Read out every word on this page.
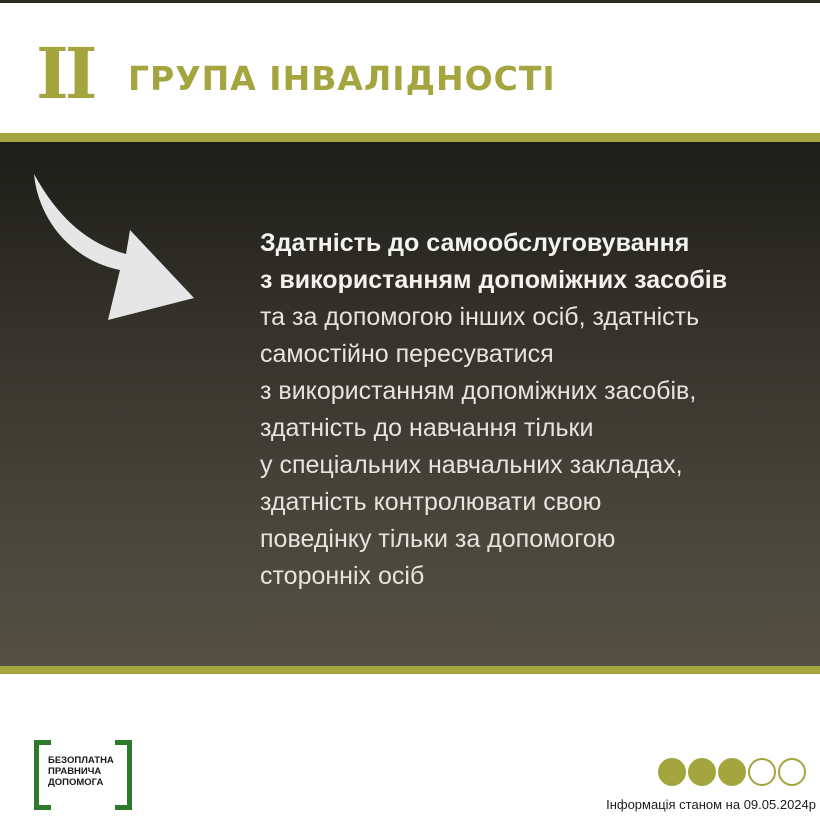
II ГРУПА ІНВАЛІДНОСТІ
Здатність до самообслуговування
з використанням допоміжних засобів
та за допомогою інших осіб, здатність
самостійно пересуватися
з використанням допоміжних засобів,
здатність до навчання тільки
у спеціальних навчальних закладах,
здатність контролювати свою
поведінку тільки за допомогою
сторонніх осіб
БЕЗОПЛАТНА
ПРАВНИЧА
ДОПОМОГА
Інформація станом на 09.05.2024р
